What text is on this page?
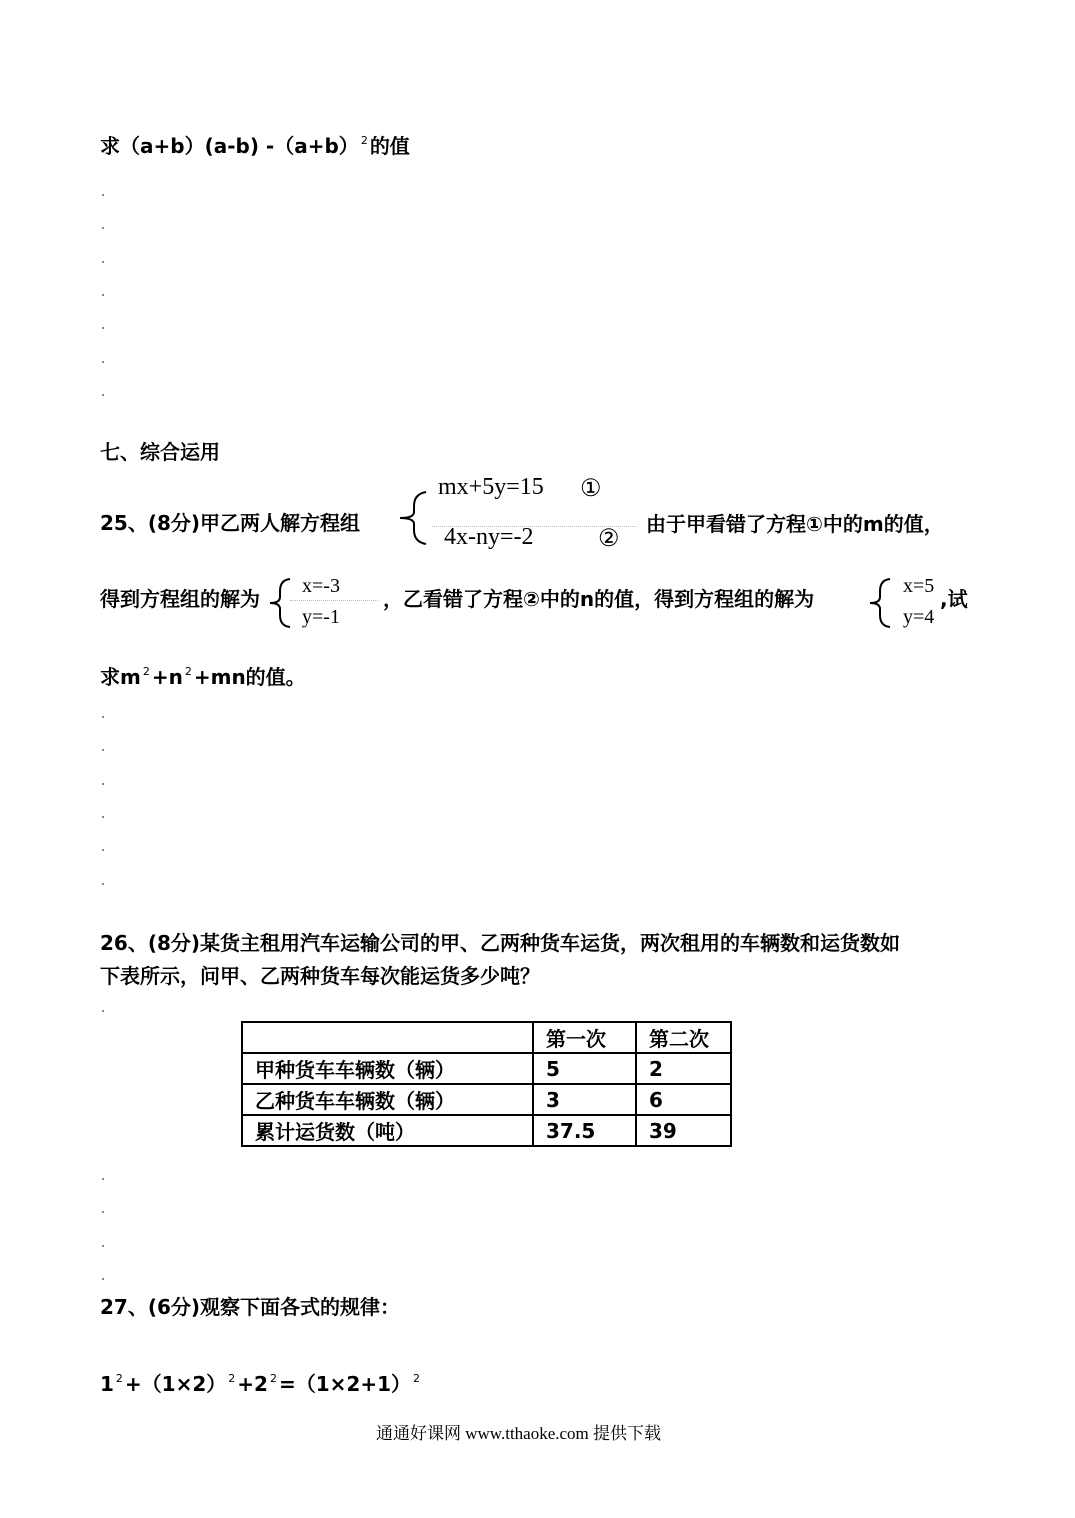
求（a+b）(a-b) -（a+b） $^2$ 的值
七、综合运用
25、(8分)甲乙两人解方程组
mx+5y=15 ①
4x-ny=-2	②
由于甲看错了方程①中的m的值，
得到方程组的解为
x=-3
y=-1
，乙看错了方程②中的n的值，得到方程组的解为
x=5
y=4
,试
求m $^2$ +n $^2$ +mn的值。
26、(8分)某货主租用汽车运输公司的甲、乙两种货车运货，两次租用的车辆数和运货数如
下表所示，问甲、乙两种货车每次能运货多少吨？
	第一次	第二次
甲种货车车辆数（辆）	5	2
乙种货车车辆数（辆）	3	6
累计运货数（吨）	37.5	39
27、(6分)观察下面各式的规律：
1 $^2$ +（1×2） $^2$ +2 $^2$ =（1×2+1） $^2$
通通好课网 www.tthaoke.com 提供下载
